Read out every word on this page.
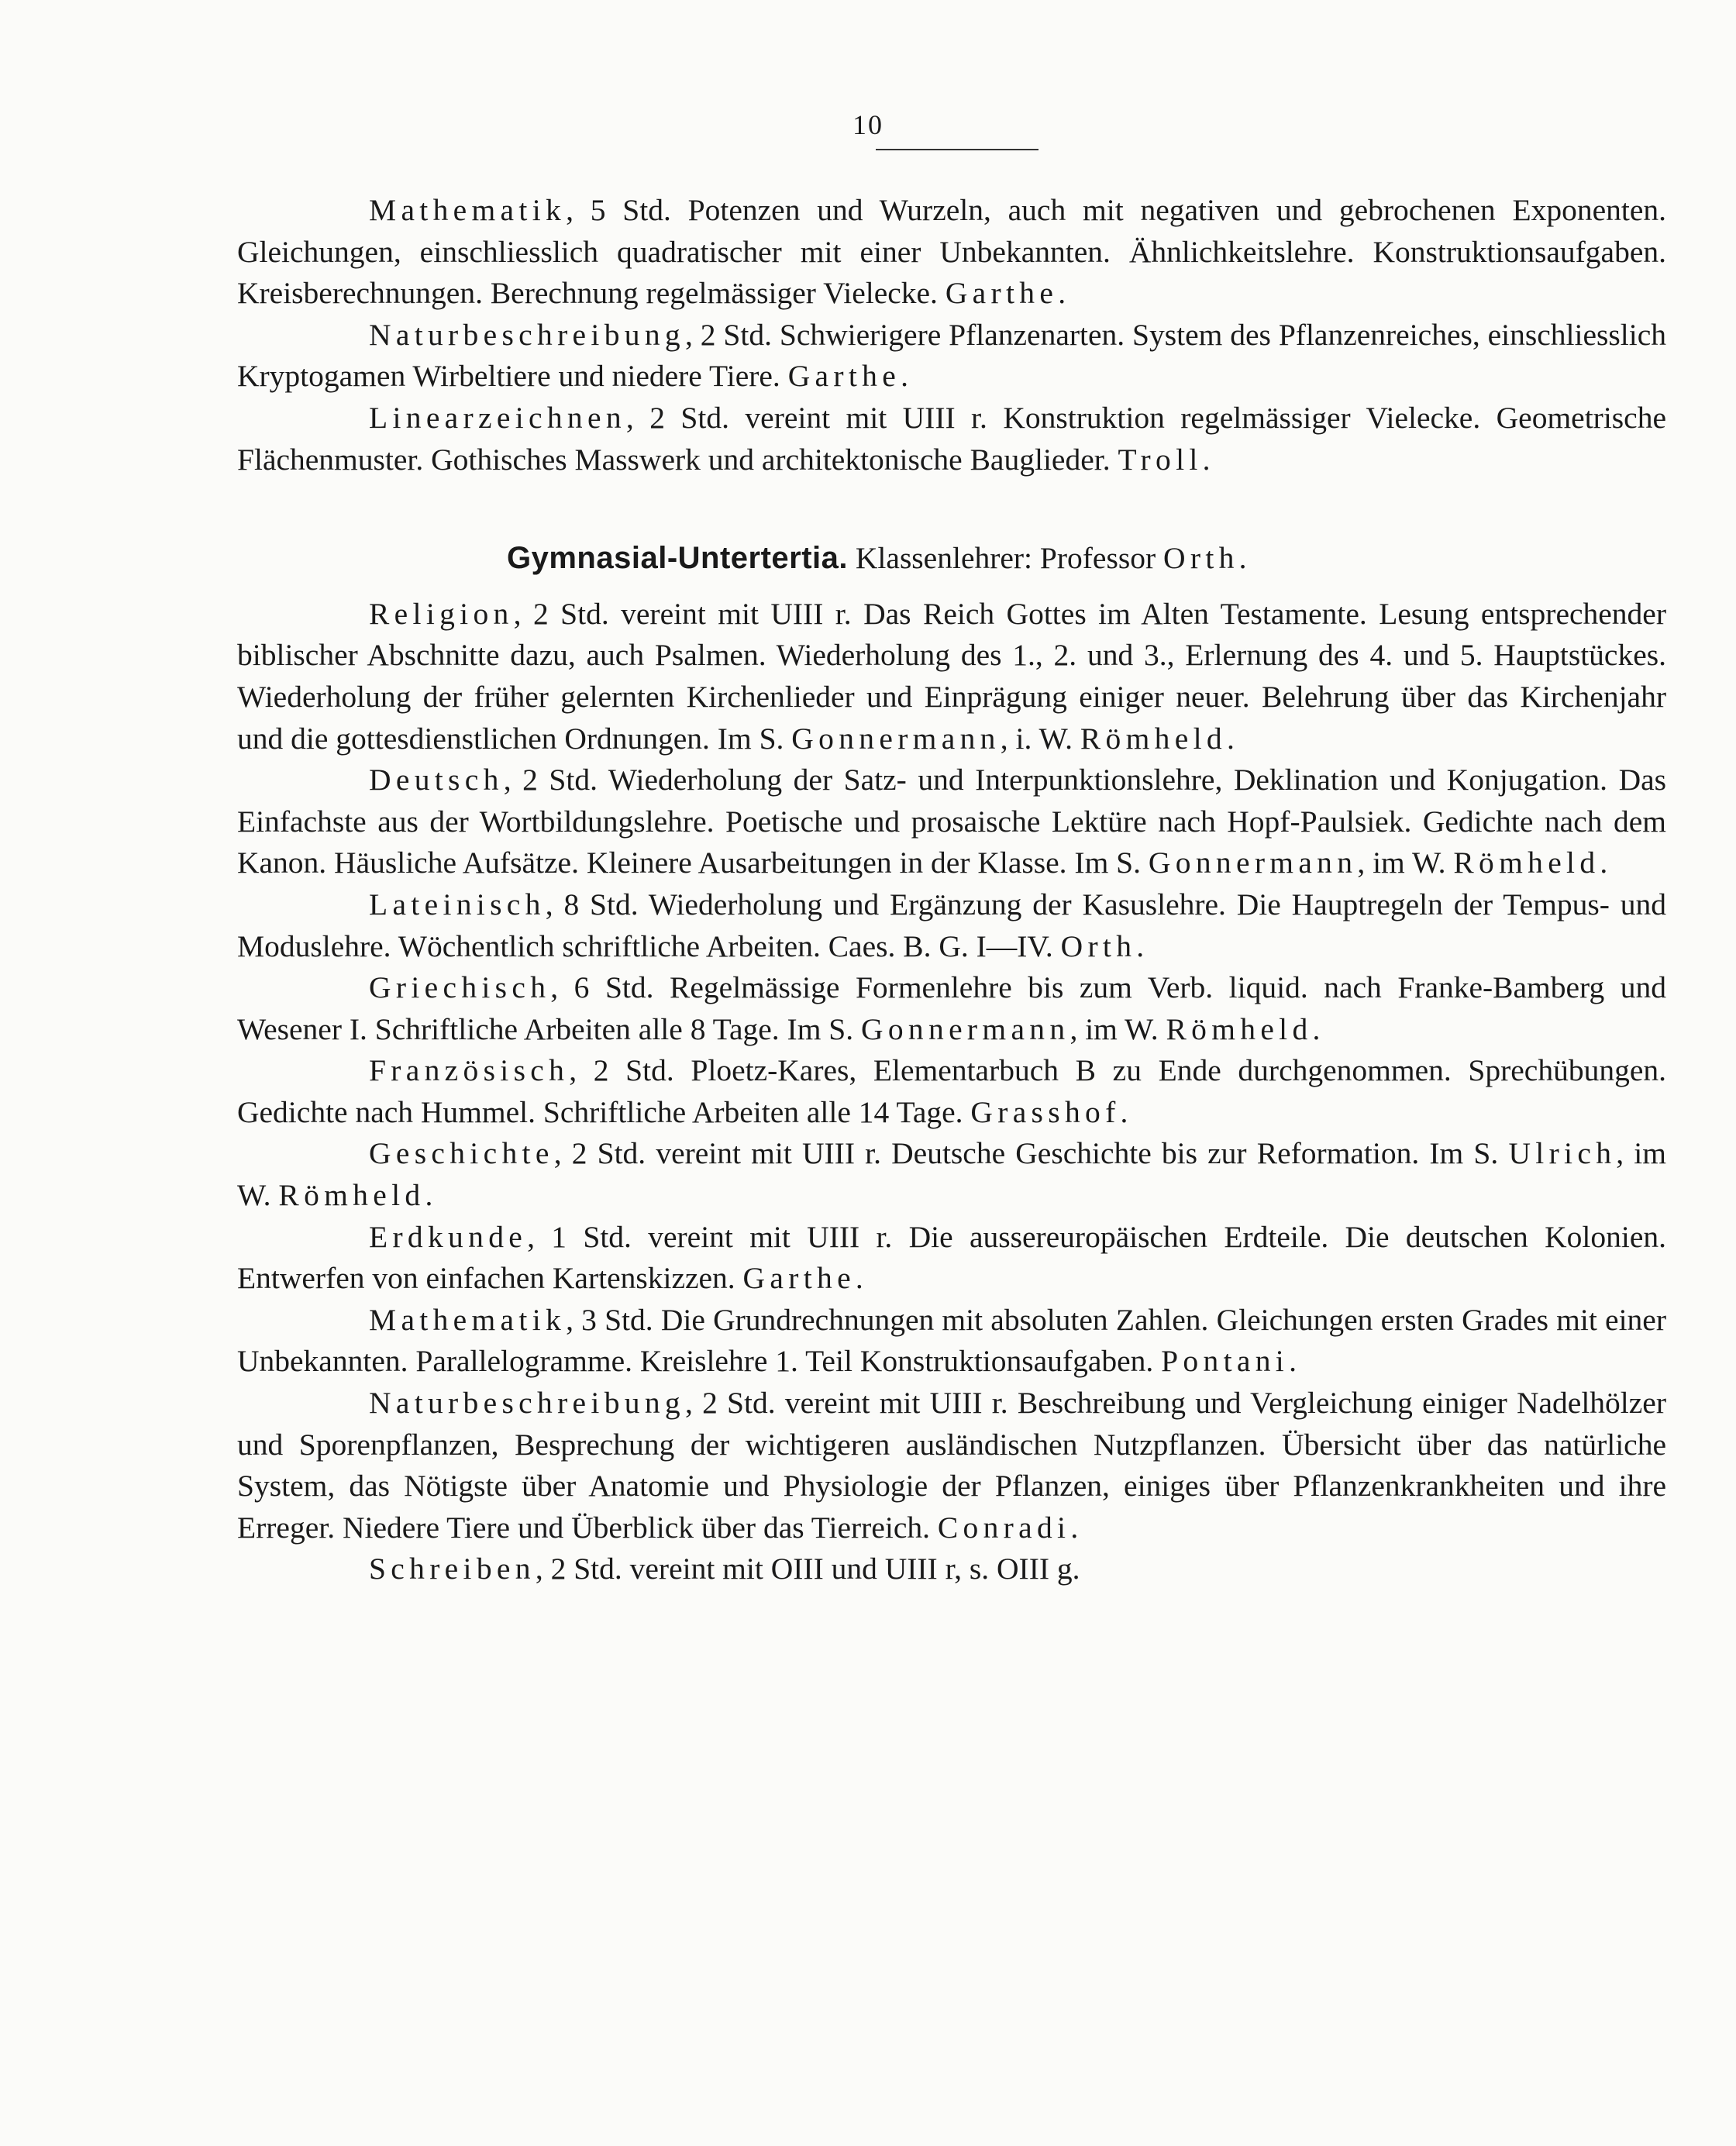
10

Mathematik, 5 Std. Potenzen und Wurzeln, auch mit negativen und gebrochenen Exponenten. Gleichungen, einschliesslich quadratischer mit einer Unbekannten. Ähnlichkeitslehre. Konstruktionsaufgaben. Kreisberechnungen. Berechnung regelmässiger Vielecke. Garthe.

Naturbeschreibung, 2 Std. Schwierigere Pflanzenarten. System des Pflanzenreiches, einschliesslich Kryptogamen Wirbeltiere und niedere Tiere. Garthe.

Linearzeichnen, 2 Std. vereint mit UIII r. Konstruktion regelmässiger Vielecke. Geometrische Flächenmuster. Gothisches Masswerk und architektonische Bauglieder. Troll.

Gymnasial-Untertertia. Klassenlehrer: Professor Orth.

Religion, 2 Std. vereint mit UIII r. Das Reich Gottes im Alten Testamente. Lesung entsprechender biblischer Abschnitte dazu, auch Psalmen. Wiederholung des 1., 2. und 3., Erlernung des 4. und 5. Hauptstückes. Wiederholung der früher gelernten Kirchenlieder und Einprägung einiger neuer. Belehrung über das Kirchenjahr und die gottesdienstlichen Ordnungen. Im S. Gonnermann, i. W. Römheld.

Deutsch, 2 Std. Wiederholung der Satz- und Interpunktionslehre, Deklination und Konjugation. Das Einfachste aus der Wortbildungslehre. Poetische und prosaische Lektüre nach Hopf-Paulsiek. Gedichte nach dem Kanon. Häusliche Aufsätze. Kleinere Ausarbeitungen in der Klasse. Im S. Gonnermann, im W. Römheld.

Lateinisch, 8 Std. Wiederholung und Ergänzung der Kasuslehre. Die Hauptregeln der Tempus- und Moduslehre. Wöchentlich schriftliche Arbeiten. Caes. B. G. I—IV. Orth.

Griechisch, 6 Std. Regelmässige Formenlehre bis zum Verb. liquid. nach Franke-Bamberg und Wesener I. Schriftliche Arbeiten alle 8 Tage. Im S. Gonnermann, im W. Römheld.

Französisch, 2 Std. Ploetz-Kares, Elementarbuch B zu Ende durchgenommen. Sprechübungen. Gedichte nach Hummel. Schriftliche Arbeiten alle 14 Tage. Grasshof.

Geschichte, 2 Std. vereint mit UIII r. Deutsche Geschichte bis zur Reformation. Im S. Ulrich, im W. Römheld.

Erdkunde, 1 Std. vereint mit UIII r. Die aussereuropäischen Erdteile. Die deutschen Kolonien. Entwerfen von einfachen Kartenskizzen. Garthe.

Mathematik, 3 Std. Die Grundrechnungen mit absoluten Zahlen. Gleichungen ersten Grades mit einer Unbekannten. Parallelogramme. Kreislehre 1. Teil Konstruktionsaufgaben. Pontani.

Naturbeschreibung, 2 Std. vereint mit UIII r. Beschreibung und Vergleichung einiger Nadelhölzer und Sporenpflanzen, Besprechung der wichtigeren ausländischen Nutzpflanzen. Übersicht über das natürliche System, das Nötigste über Anatomie und Physiologie der Pflanzen, einiges über Pflanzenkrankheiten und ihre Erreger. Niedere Tiere und Überblick über das Tierreich. Conradi.

Schreiben, 2 Std. vereint mit OIII und UIII r, s. OIII g.
